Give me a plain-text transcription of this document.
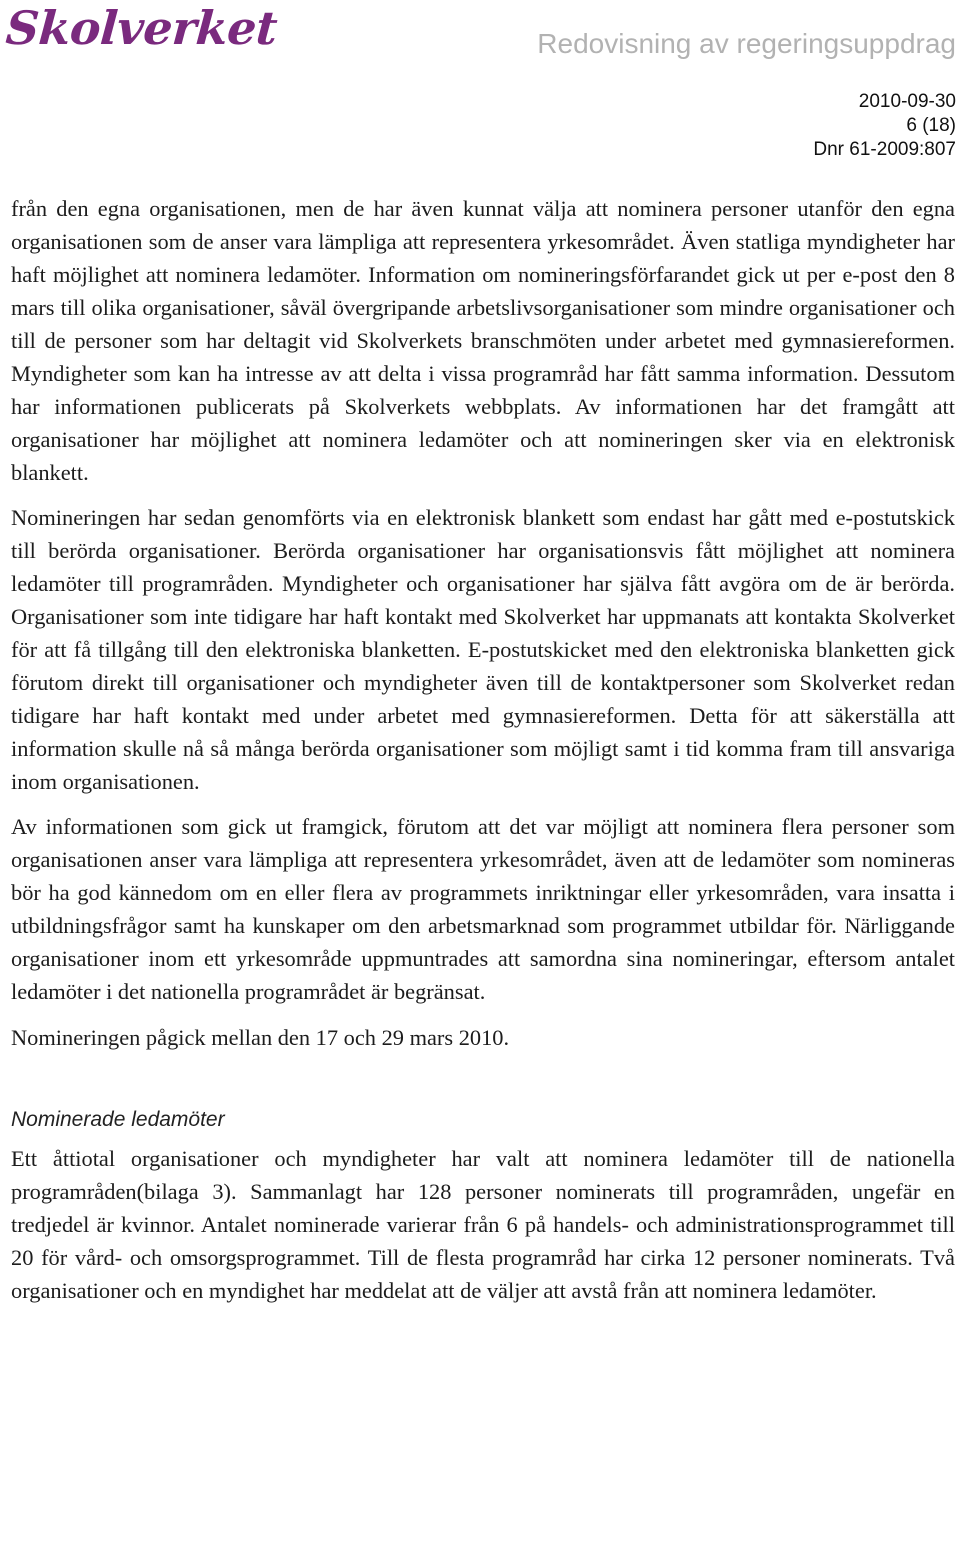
Skolverket	Redovisning av regeringsuppdrag
2010-09-30
6 (18)
Dnr 61-2009:807

från den egna organisationen, men de har även kunnat välja att nominera personer utanför den egna organisationen som de anser vara lämpliga att representera yrkesområdet. Även statliga myndigheter har haft möjlighet att nominera ledamöter. Information om nomineringsförfarandet gick ut per e-post den 8 mars till olika organisationer, såväl övergripande arbetslivsorganisationer som mindre organisationer och till de personer som har deltagit vid Skolverkets branschmöten under arbetet med gymnasiereformen. Myndigheter som kan ha intresse av att delta i vissa programråd har fått samma information. Dessutom har informationen publicerats på Skolverkets webbplats. Av informationen har det framgått att organisationer har möjlighet att nominera ledamöter och att nomineringen sker via en elektronisk blankett.

Nomineringen har sedan genomförts via en elektronisk blankett som endast har gått med e-postutskick till berörda organisationer. Berörda organisationer har organisationsvis fått möjlighet att nominera ledamöter till programråden. Myndigheter och organisationer har själva fått avgöra om de är berörda. Organisationer som inte tidigare har haft kontakt med Skolverket har uppmanats att kontakta Skolverket för att få tillgång till den elektroniska blanketten. E-postutskicket med den elektroniska blanketten gick förutom direkt till organisationer och myndigheter även till de kontaktpersoner som Skolverket redan tidigare har haft kontakt med under arbetet med gymnasiereformen. Detta för att säkerställa att information skulle nå så många berörda organisationer som möjligt samt i tid komma fram till ansvariga inom organisationen.

Av informationen som gick ut framgick, förutom att det var möjligt att nominera flera personer som organisationen anser vara lämpliga att representera yrkesområdet, även att de ledamöter som nomineras bör ha god kännedom om en eller flera av programmets inriktningar eller yrkesområden, vara insatta i utbildningsfrågor samt ha kunskaper om den arbetsmarknad som programmet utbildar för. Närliggande organisationer inom ett yrkesområde uppmuntrades att samordna sina nomineringar, eftersom antalet ledamöter i det nationella programrådet är begränsat.

Nomineringen pågick mellan den 17 och 29 mars 2010.

Nominerade ledamöter

Ett åttiotal organisationer och myndigheter har valt att nominera ledamöter till de nationella programråden(bilaga 3). Sammanlagt har 128 personer nominerats till programråden, ungefär en tredjedel är kvinnor. Antalet nominerade varierar från 6 på handels- och administrationsprogrammet till 20 för vård- och omsorgsprogrammet. Till de flesta programråd har cirka 12 personer nominerats. Två organisationer och en myndighet har meddelat att de väljer att avstå från att nominera ledamöter.
